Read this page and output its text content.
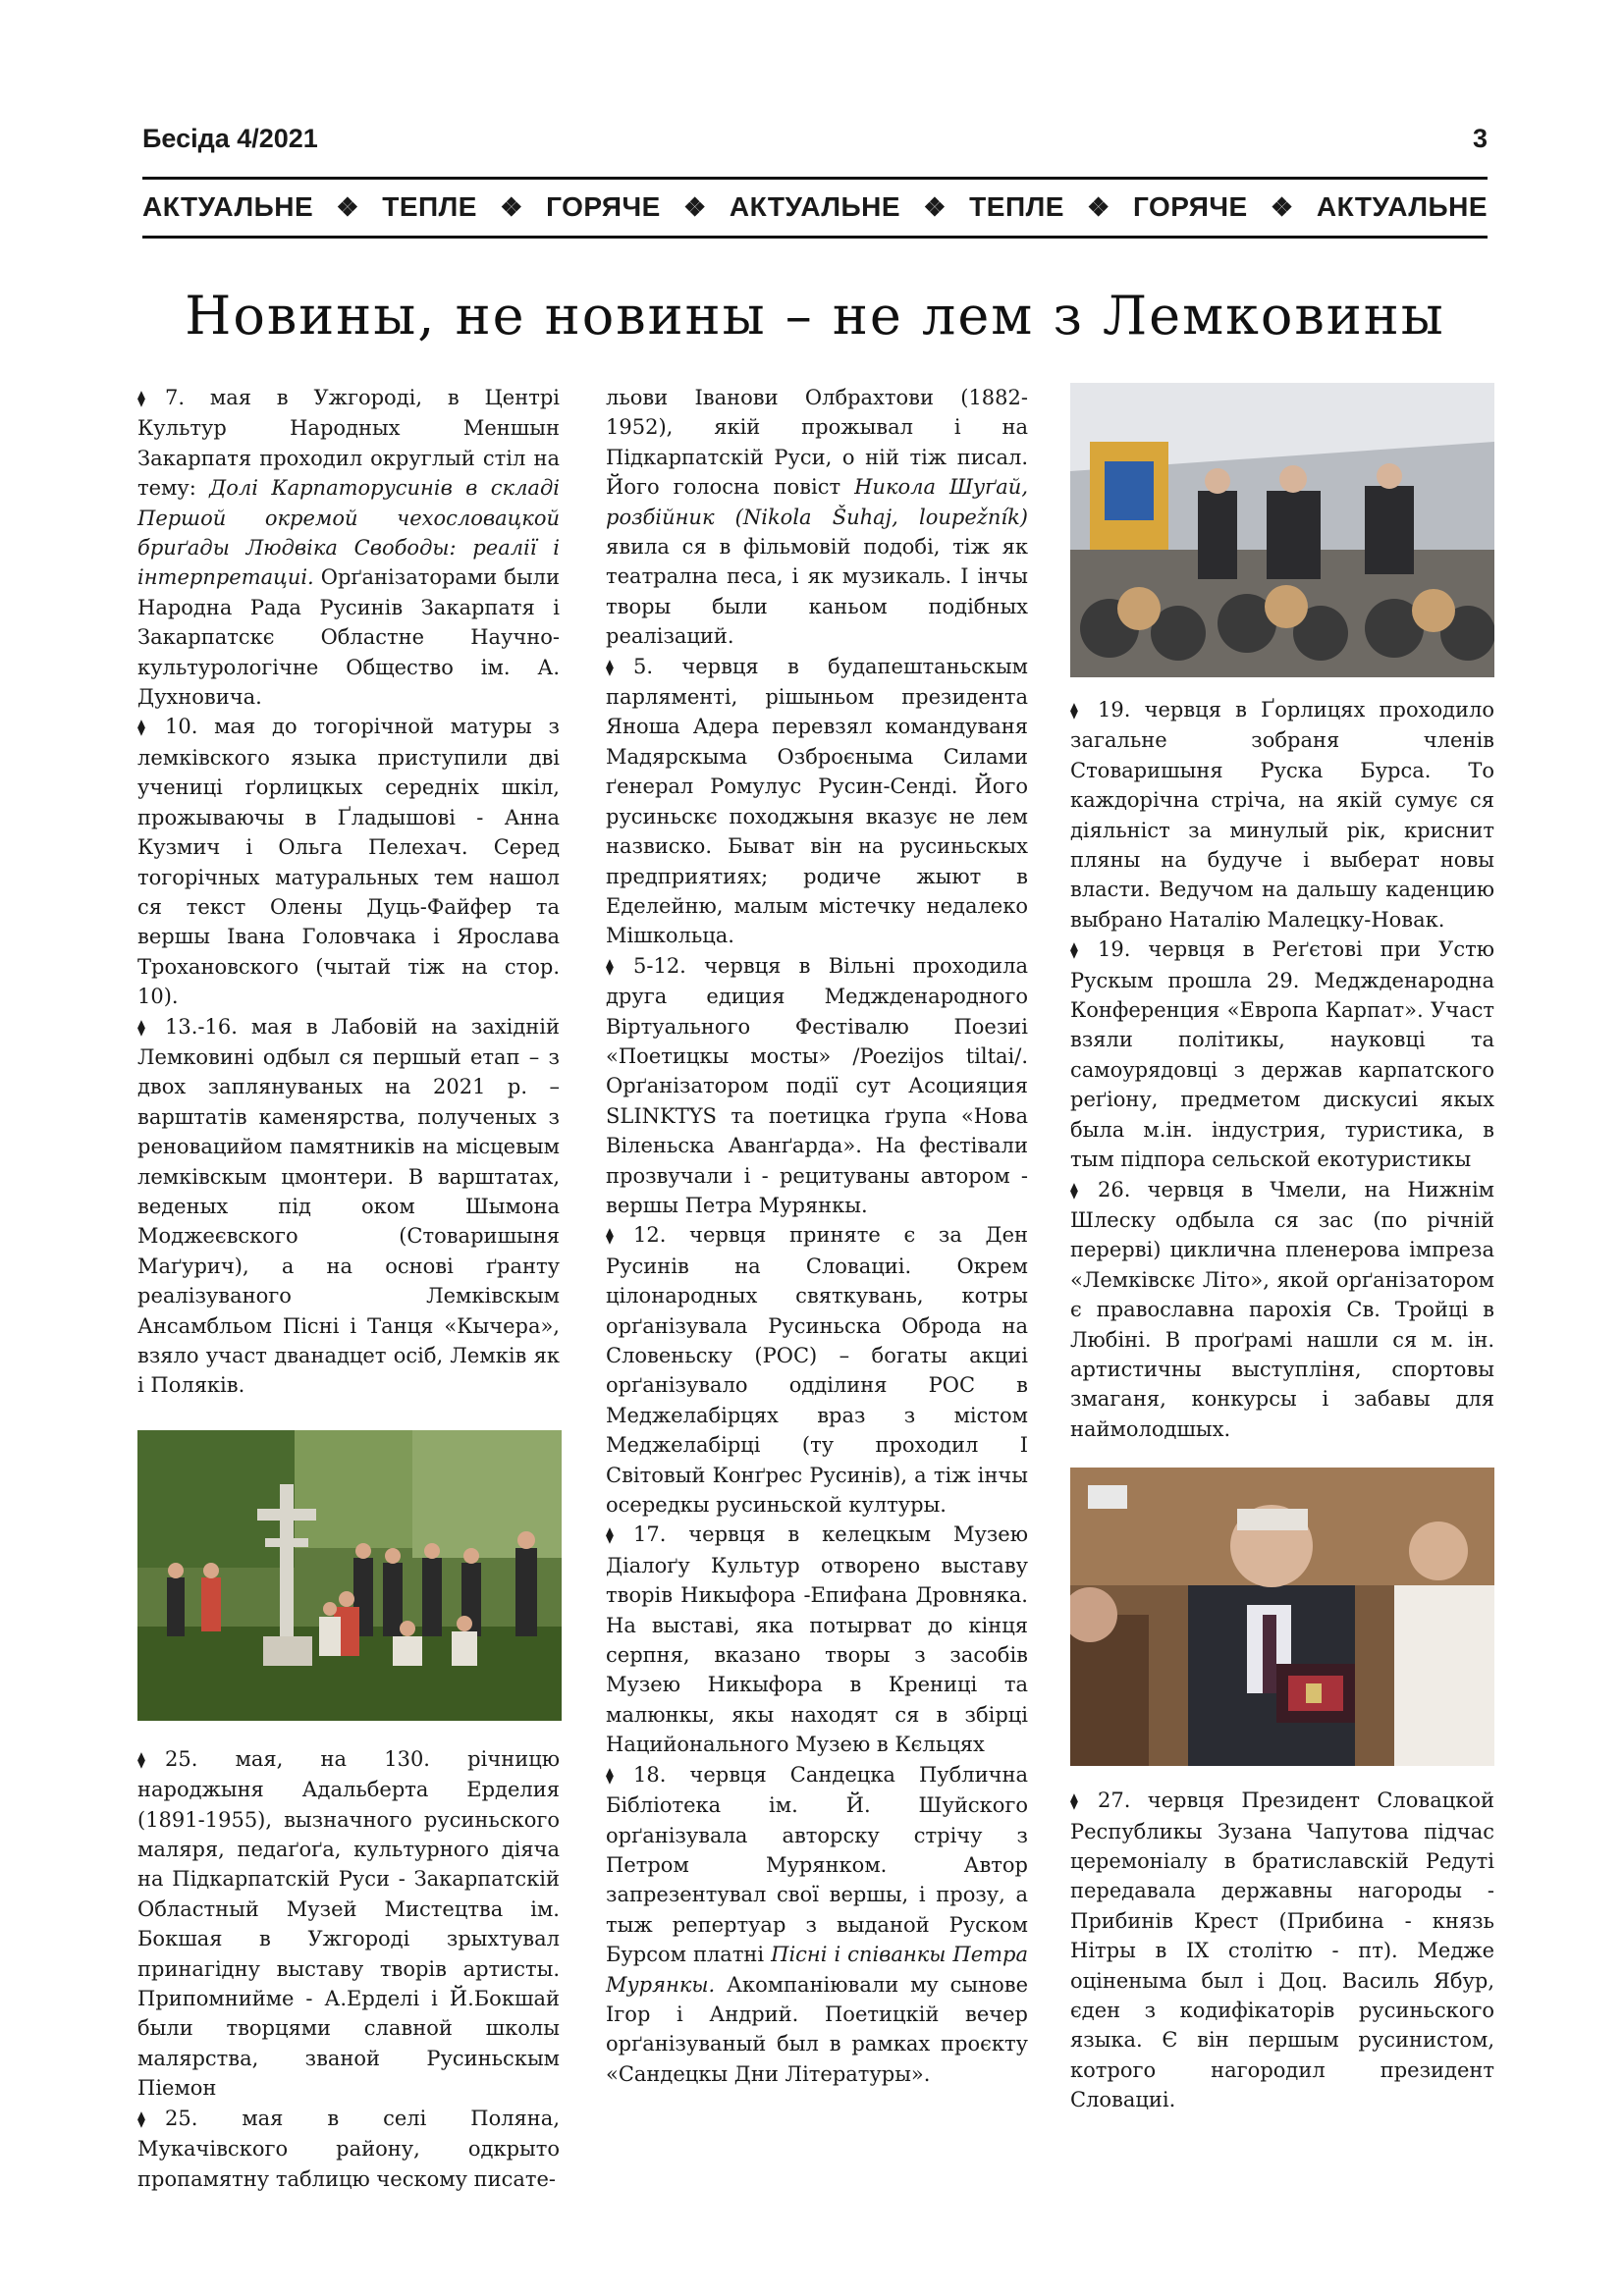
Бесіда 4/2021	3
АКТУАЛЬНЕ ❖ ТЕПЛЕ ❖ ГОРЯЧЕ ❖ АКТУАЛЬНЕ ❖ ТЕПЛЕ ❖ ГОРЯЧЕ ❖ АКТУАЛЬНЕ
Новины, не новины – не лем з Лемковины

⧫ 7. мая в Ужгороді, в Центрі Культур Народных Меншын Закарпатя проходил округлый стіл на тему: Долі Карпаторусинів в складі Першой окремой чехословацкой бриґады Людвіка Свободы: реалії і інтерпретациі. Орґанізаторами были Народна Рада Русинів Закарпатя і Закарпатскє Областне Научно-культурологічне Общество ім. А. Духновича.

⧫ 10. мая до тогорічной матуры з лемківского языка приступили дві учениці ґорлицкых середніх шкіл, прожываючы в Ґладышові - Анна Кузмич і Ольга Пелехач. Серед тогорічных матуральных тем нашол ся текст Олены Дуць-Файфер та вершы Івана Головчака і Ярослава Трохановского (чытай тіж на стор. 10).

⧫ 13.-16. мая в Лабовій на західній Лемковині одбыл ся першый етап – з двох заплянуваных на 2021 р. – варштатів каменярства, полученых з реновацийом памятників на місцевым лемківскым цмонтери. В варштатах, веденых під оком Шымона Моджеєвского (Стоваришыня Маґурич), а на основі ґранту реалізуваного Лемківскым Ансамбльом Пісні і Танця «Кычера», взяло участ дванадцет осіб, Лемків як і Поляків.

⧫ 25. мая, на 130. річницю народжыня Адальберта Ерделия (1891-1955), вызначного русиньского маляря, педаґоґа, культурного діяча на Підкарпатскій Руси - Закарпатскій Областный Музей Мистецтва ім. Бокшая в Ужгороді зрыхтувал принагідну выставу творів артисты. Припомнийме - А.Ерделі і Й.Бокшай были творцями славной школы малярства, званой Русиньскым Піемон

⧫ 25. мая в селі Поляна, Мукачівского району, одкрыто пропамятну таблицю ческому писате-

льови Іванови Олбрахтови (1882-1952), якій прожывал і на Підкарпатскій Руси, о ній тіж писал. Його голосна повіст Никола Шуґай, розбійник (Nikola Šuhaj, loupežník) явила ся в фільмовій подобі, тіж як театрална песа, і як музикаль. І інчы творы были каньом подібных реалізаций.

⧫ 5. червця в будапештаньскым парляменті, рішыньом президента Яноша Адера перевзял командуваня Мадярскыма Озброєныма Силами ґенерал Ромулус Русин-Сенді. Його русиньскє походжыня вказує не лем назвиско. Быват він на русиньскых предприятиях; родиче жыют в Еделейню, малым містечку недалеко Мішкольца.

⧫ 5-12. червця в Вільні проходила друга едиция Меджденародного Віртуального Фестівалю Поезиі «Поетицкы мосты» /Poezijos tiltai/. Орґанізатором події сут Асоцияция SLINKTYS та поетицка ґрупа «Нова Віленьска Аванґарда». На фестівали прозвучали і - рецитуваны автором - вершы Петра Мурянкы.

⧫ 12. червця приняте є за Ден Русинів на Словациі. Окрем цілонародных святкувань, котры орґанізувала Русиньска Оброда на Словеньску (РОС) – богаты акциі орґанізувало одділиня РОС в Меджелабірцях враз з містом Меджелабірці (ту проходил І Світовый Конґрес Русинів), а тіж інчы осередкы русиньской културы.

⧫ 17. червця в келецкым Музею Діалоґу Культур отворено выставу творів Никыфора -Епифана Дровняка. На выставі, яка потырват до кінця серпня, вказано творы з засобів Музею Никыфора в Крениці та малюнкы, якы находят ся в збірці Нацийонального Музею в Кєльцях

⧫ 18. червця Сандецка Публична Бібліотека ім. Й. Шуйского орґанізувала авторску стрічу з Петром Мурянком. Автор запрезентувал свої вершы, і прозу, а тыж репертуар з выданой Руском Бурсом платні Пісні і співанкы Петра Мурянкы. Акомпаніювали му сынове Ігор і Андрий. Поетицкій вечер орґанізуваный был в рамках проєкту «Сандецкы Дни Літературы».

⧫ 19. червця в Ґорлицях проходило загальне зобраня членів Стоваришыня Руска Бурса. То каждорічна стріча, на якій сумує ся діяльніст за минулый рік, криснит пляны на будуче і выберат новы власти. Ведучом на дальшу каденцию выбрано Наталію Малецку-Новак.

⧫ 19. червця в Реґєтові при Устю Рускым прошла 29. Меджденародна Конференция «Европа Карпат». Участ взяли політикы, науковці та самоурядовці з держав карпатского реґіону, предметом дискусиі якых была м.ін. індустрия, туристика, в тым підпора сельской екотуристикы

⧫ 26. червця в Чмели, на Нижнім Шлеску одбыла ся зас (по річній перерві) циклична пленерова імпреза «Лемківскє Літо», якой орґанізатором є православна парохія Св. Тройці в Любіні. В проґрамі нашли ся м. ін. артистичны выступліня, спортовы змаганя, конкурсы і забавы для наймолодшых.

⧫ 27. червця Президент Словацкой Республикы Зузана Чапутова підчас церемоніалу в братиславскій Редуті передавала державны нагороды - Прибинів Крест (Прибина - князь Нітры в IX столітю - пт). Медже оціненыма был і Доц. Василь Ябур, єден з кодифікаторів русиньского языка. Є він першым русинистом, котрого нагородил президент Словациі.
